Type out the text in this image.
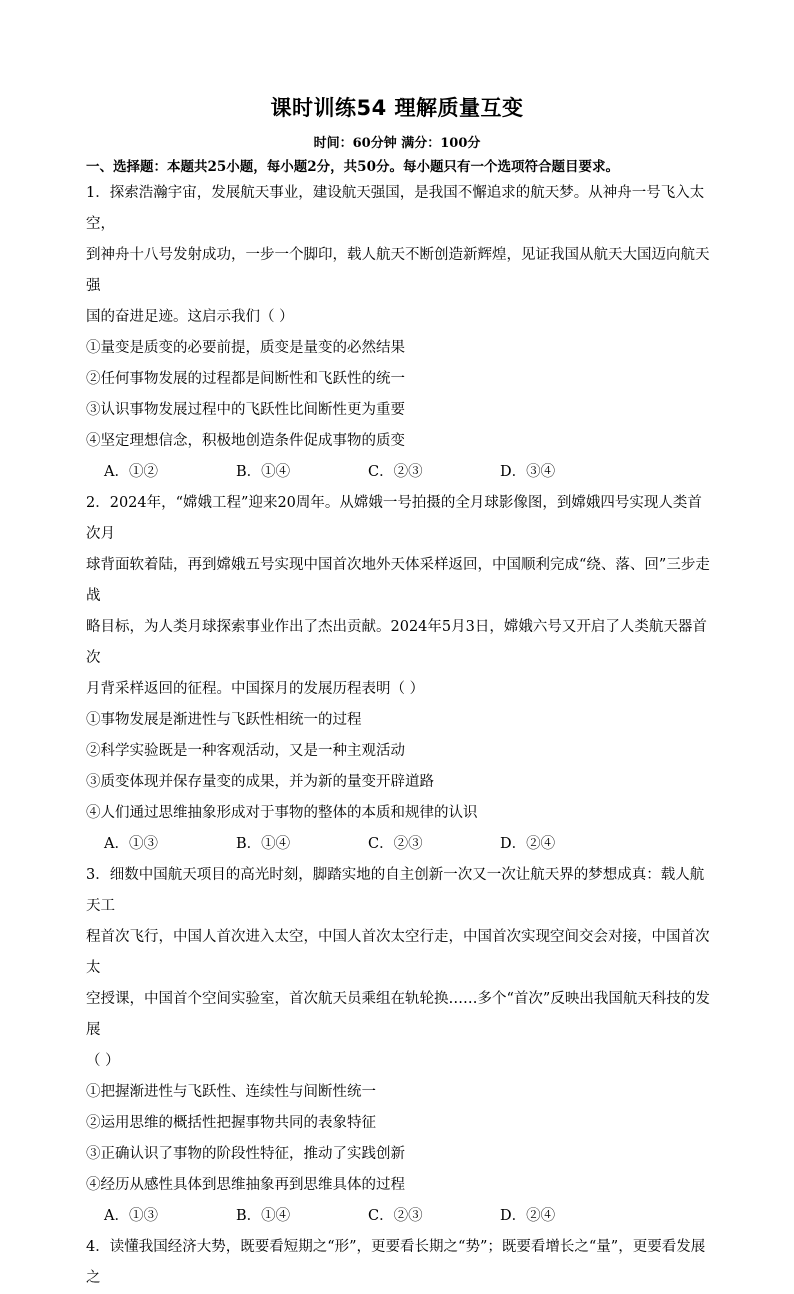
课时训练54 理解质量互变
时间：60分钟 满分：100分
一、选择题：本题共25小题，每小题2分，共50分。每小题只有一个选项符合题目要求。

1．探索浩瀚宇宙，发展航天事业，建设航天强国，是我国不懈追求的航天梦。从神舟一号飞入太空，

到神舟十八号发射成功，一步一个脚印，载人航天不断创造新辉煌，见证我国从航天大国迈向航天强

国的奋进足迹。这启示我们（ ）

①量变是质变的必要前提，质变是量变的必然结果

②任何事物发展的过程都是间断性和飞跃性的统一

③认识事物发展过程中的飞跃性比间断性更为重要

④坚定理想信念，积极地创造条件促成事物的质变

A．①②	B．①④	C．②③	D．③④

2．2024年，“嫦娥工程”迎来20周年。从嫦娥一号拍摄的全月球影像图，到嫦娥四号实现人类首次月

球背面软着陆，再到嫦娥五号实现中国首次地外天体采样返回，中国顺利完成“绕、落、回”三步走战

略目标，为人类月球探索事业作出了杰出贡献。2024年5月3日，嫦娥六号又开启了人类航天器首次

月背采样返回的征程。中国探月的发展历程表明（ ）

①事物发展是渐进性与飞跃性相统一的过程

②科学实验既是一种客观活动，又是一种主观活动

③质变体现并保存量变的成果，并为新的量变开辟道路

④人们通过思维抽象形成对于事物的整体的本质和规律的认识

A．①③	B．①④	C．②③	D．②④

3．细数中国航天项目的高光时刻，脚踏实地的自主创新一次又一次让航天界的梦想成真：载人航天工

程首次飞行，中国人首次进入太空，中国人首次太空行走，中国首次实现空间交会对接，中国首次太

空授课，中国首个空间实验室，首次航天员乘组在轨轮换……多个“首次”反映出我国航天科技的发展

（ ）

①把握渐进性与飞跃性、连续性与间断性统一

②运用思维的概括性把握事物共同的表象特征

③正确认识了事物的阶段性特征，推动了实践创新

④经历从感性具体到思维抽象再到思维具体的过程

A．①③	B．①④	C．②③	D．②④

4．读懂我国经济大势，既要看短期之“形”，更要看长期之“势”；既要看增长之“量”，更要看发展之
